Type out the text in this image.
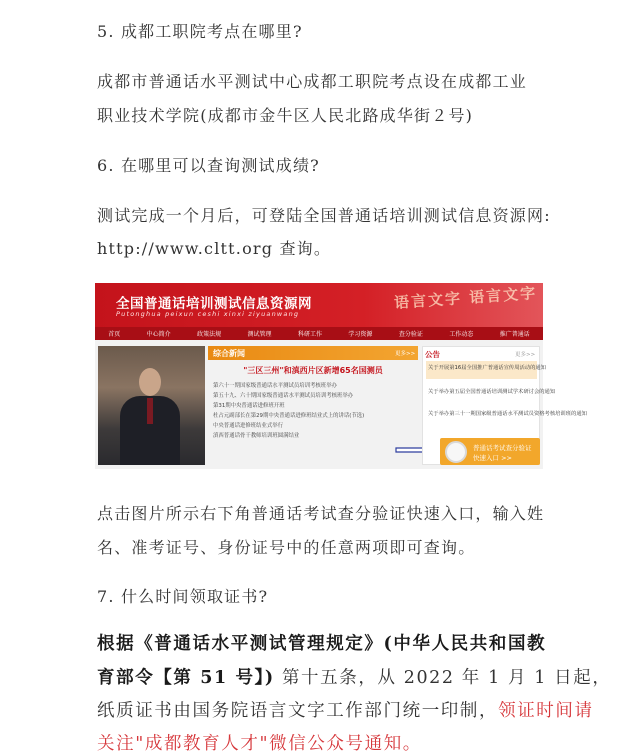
5. 成都工职院考点在哪里?
成都市普通话水平测试中心成都工职院考点设在成都工业
职业技术学院(成都市金牛区人民北路成华街２号)
6. 在哪里可以查询测试成绩?
测试完成一个月后，可登陆全国普通话培训测试信息资源网:
http://www.cltt.org 查询。
全国普通话培训测试信息资源网
Putonghua peixun ceshi xinxi ziyuanwang
语言文字 语言文字
首页	中心简介	政策法规	测试管理	科研工作	学习资源	查分验证	工作动态	推广普通话
综合新闻	更多>>
"三区三州"和滇西片区新增65名国测员
第六十一期国家级普通话水平测试员培训考核班举办
第五十九、六十期国家级普通话水平测试员培训考核班举办
第31期中央普通话进修班开班
杜占元副部长在第29期中央普通话进修班结业式上的讲话(节选)
中央普通话进修班结业式举行
滇西普通话骨干教师培训班圆满结业
公告	更多>>
关于开展第16届全国推广普通话宣传周活动的通知
关于举办第五届全国普通话培训测试学术研讨会的通知
关于举办第三十一期国家级普通话水平测试员资格考核培训班的通知
普通话考试查分验证
快速入口 >>
点击图片所示右下角普通话考试查分验证快速入口，输入姓
名、准考证号、身份证号中的任意两项即可查询。
7. 什么时间领取证书?
根据《普通话水平测试管理规定》(中华人民共和国教
育部令【第 51 号】) 第十五条，从 2022 年 1 月 1 日起，
纸质证书由国务院语言文字工作部门统一印制，领证时间请
关注"成都教育人才"微信公众号通知。
